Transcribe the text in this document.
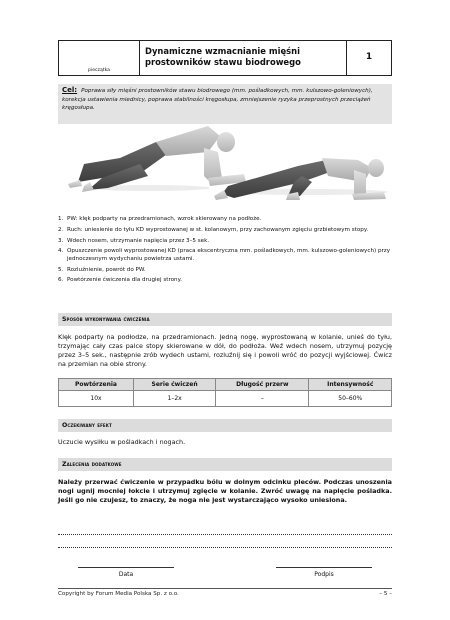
pieczątka
Dynamiczne wzmacnianie mięśni prostowników stawu biodrowego	1
Cel: Poprawa siły mięśni prostowników stawu biodrowego (mm. pośladkowych, mm. kulszowo-goleniowych), korekcja ustawienia miednicy, poprawa stabilności kręgosłupa, zmniejszenie ryzyka przeprostnych przeciążeń kręgosłupa.
1. PW: klęk podparty na przedramionach, wzrok skierowany na podłoże.
2. Ruch: uniesienie do tyłu KD wyprostowanej w st. kolanowym, przy zachowanym zgięciu grzbietowym stopy.
3. Wdech nosem, utrzymanie napięcia przez 3–5 sek.
4. Opuszczenie powoli wyprostowanej KD (praca ekscentryczna mm. pośladkowych, mm. kulszowo-goleniowych) przy jednoczesnym wydychaniu powietrza ustami.
5. Rozluźnienie, powrót do PW.
6. Powtórzenie ćwiczenia dla drugiej strony.
Sposób wykonywania ćwiczenia
Klęk podparty na podłodze, na przedramionach. Jedną nogę, wyprostowaną w kolanie, unieś do tyłu, trzymając cały czas palce stopy skierowane w dół, do podłoża. Weź wdech nosem, utrzymuj pozycję przez 3–5 sek., następnie zrób wydech ustami, rozluźnij się i powoli wróć do pozycji wyjściowej. Ćwicz na przemian na obie strony.
Powtórzenia	Serie ćwiczeń	Długość przerw	Intensywność
10x	1–2x	–	50–60%
Oczekiwany efekt
Uczucie wysiłku w pośladkach i nogach.
Zalecenia dodatkowe
Należy przerwać ćwiczenie w przypadku bólu w dolnym odcinku pleców. Podczas unoszenia nogi ugnij mocniej łokcie i utrzymuj zgięcie w kolanie. Zwróć uwagę na napięcie pośladka. Jeśli go nie czujesz, to znaczy, że noga nie jest wystarczająco wysoko uniesiona.
Data	Podpis
Copyright by Forum Media Polska Sp. z o.o.	– 5 –
